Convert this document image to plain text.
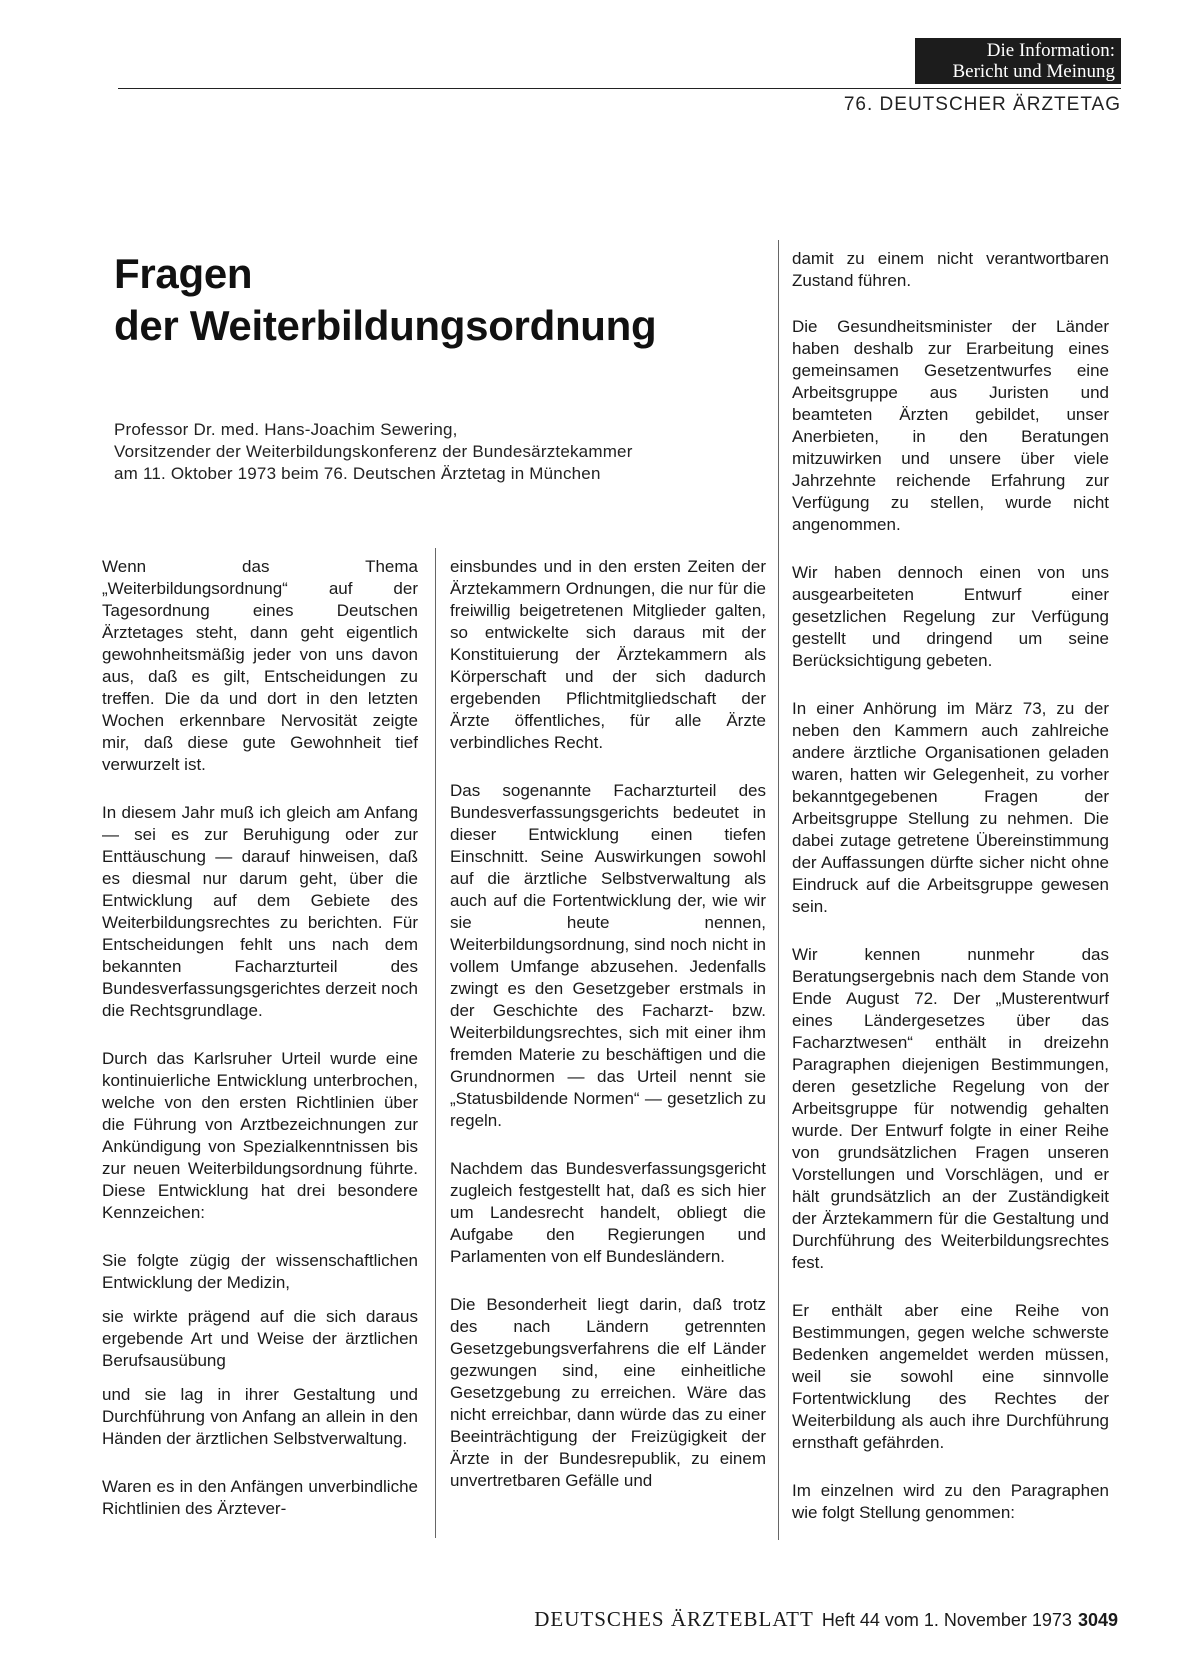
Die Information:
Bericht und Meinung
76. DEUTSCHER ÄRZTETAG
Fragen
der Weiterbildungsordnung
Professor Dr. med. Hans-Joachim Sewering,
Vorsitzender der Weiterbildungskonferenz der Bundesärztekammer
am 11. Oktober 1973 beim 76. Deutschen Ärztetag in München

Wenn das Thema „Weiterbildungsordnung“ auf der Tagesordnung eines Deutschen Ärztetages steht, dann geht eigentlich gewohnheitsmäßig jeder von uns davon aus, daß es gilt, Entscheidungen zu treffen. Die da und dort in den letzten Wochen erkennbare Nervosität zeigte mir, daß diese gute Gewohnheit tief verwurzelt ist.

In diesem Jahr muß ich gleich am Anfang — sei es zur Beruhigung oder zur Enttäuschung — darauf hinweisen, daß es diesmal nur darum geht, über die Entwicklung auf dem Gebiete des Weiterbildungsrechtes zu berichten. Für Entscheidungen fehlt uns nach dem bekannten Facharzturteil des Bundesverfassungsgerichtes derzeit noch die Rechtsgrundlage.

Durch das Karlsruher Urteil wurde eine kontinuierliche Entwicklung unterbrochen, welche von den ersten Richtlinien über die Führung von Arztbezeichnungen zur Ankündigung von Spezialkenntnissen bis zur neuen Weiterbildungsordnung führte. Diese Entwicklung hat drei besondere Kennzeichen:

Sie folgte zügig der wissenschaftlichen Entwicklung der Medizin,

sie wirkte prägend auf die sich daraus ergebende Art und Weise der ärztlichen Berufsausübung

und sie lag in ihrer Gestaltung und Durchführung von Anfang an allein in den Händen der ärztlichen Selbstverwaltung.

Waren es in den Anfängen unverbindliche Richtlinien des Ärztever-

einsbundes und in den ersten Zeiten der Ärztekammern Ordnungen, die nur für die freiwillig beigetretenen Mitglieder galten, so entwickelte sich daraus mit der Konstituierung der Ärztekammern als Körperschaft und der sich dadurch ergebenden Pflichtmitgliedschaft der Ärzte öffentliches, für alle Ärzte verbindliches Recht.

Das sogenannte Facharzturteil des Bundesverfassungsgerichts bedeutet in dieser Entwicklung einen tiefen Einschnitt. Seine Auswirkungen sowohl auf die ärztliche Selbstverwaltung als auch auf die Fortentwicklung der, wie wir sie heute nennen, Weiterbildungsordnung, sind noch nicht in vollem Umfange abzusehen. Jedenfalls zwingt es den Gesetzgeber erstmals in der Geschichte des Facharzt- bzw. Weiterbildungsrechtes, sich mit einer ihm fremden Materie zu beschäftigen und die Grundnormen — das Urteil nennt sie „Statusbildende Normen“ — gesetzlich zu regeln.

Nachdem das Bundesverfassungsgericht zugleich festgestellt hat, daß es sich hier um Landesrecht handelt, obliegt die Aufgabe den Regierungen und Parlamenten von elf Bundesländern.

Die Besonderheit liegt darin, daß trotz des nach Ländern getrennten Gesetzgebungsverfahrens die elf Länder gezwungen sind, eine einheitliche Gesetzgebung zu erreichen. Wäre das nicht erreichbar, dann würde das zu einer Beeinträchtigung der Freizügigkeit der Ärzte in der Bundesrepublik, zu einem unvertretbaren Gefälle und

damit zu einem nicht verantwortbaren Zustand führen.

Die Gesundheitsminister der Länder haben deshalb zur Erarbeitung eines gemeinsamen Gesetzentwurfes eine Arbeitsgruppe aus Juristen und beamteten Ärzten gebildet, unser Anerbieten, in den Beratungen mitzuwirken und unsere über viele Jahrzehnte reichende Erfahrung zur Verfügung zu stellen, wurde nicht angenommen.

Wir haben dennoch einen von uns ausgearbeiteten Entwurf einer gesetzlichen Regelung zur Verfügung gestellt und dringend um seine Berücksichtigung gebeten.

In einer Anhörung im März 73, zu der neben den Kammern auch zahlreiche andere ärztliche Organisationen geladen waren, hatten wir Gelegenheit, zu vorher bekanntgegebenen Fragen der Arbeitsgruppe Stellung zu nehmen. Die dabei zutage getretene Übereinstimmung der Auffassungen dürfte sicher nicht ohne Eindruck auf die Arbeitsgruppe gewesen sein.

Wir kennen nunmehr das Beratungsergebnis nach dem Stande von Ende August 72. Der „Musterentwurf eines Ländergesetzes über das Facharztwesen“ enthält in dreizehn Paragraphen diejenigen Bestimmungen, deren gesetzliche Regelung von der Arbeitsgruppe für notwendig gehalten wurde. Der Entwurf folgte in einer Reihe von grundsätzlichen Fragen unseren Vorstellungen und Vorschlägen, und er hält grundsätzlich an der Zuständigkeit der Ärztekammern für die Gestaltung und Durchführung des Weiterbildungsrechtes fest.

Er enthält aber eine Reihe von Bestimmungen, gegen welche schwerste Bedenken angemeldet werden müssen, weil sie sowohl eine sinnvolle Fortentwicklung des Rechtes der Weiterbildung als auch ihre Durchführung ernsthaft gefährden.

Im einzelnen wird zu den Paragraphen wie folgt Stellung genommen:

DEUTSCHES ÄRZTEBLATT Heft 44 vom 1. November 1973 3049
